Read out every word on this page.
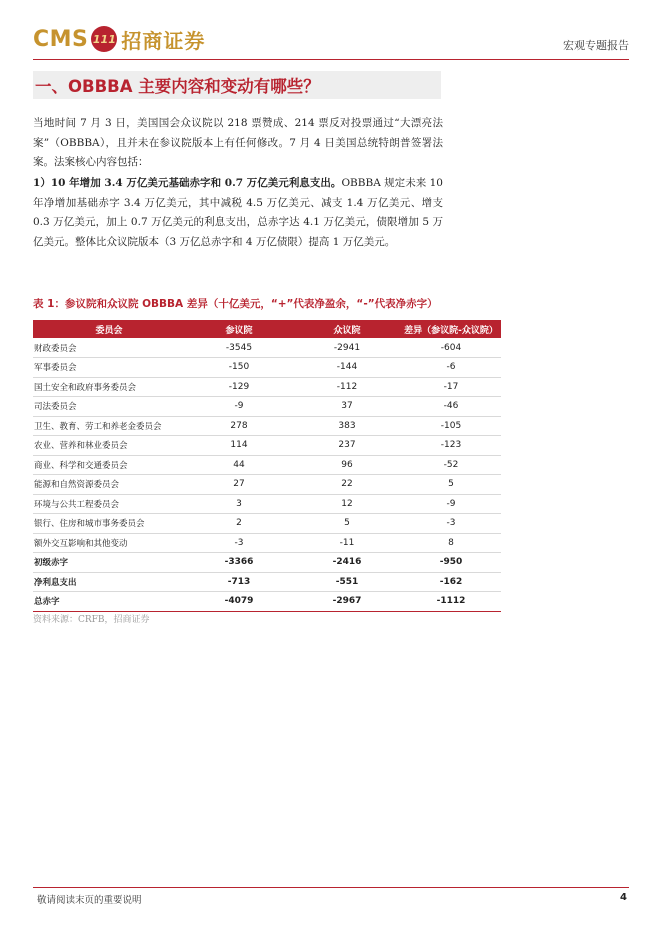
CMS 111 招商证券	宏观专题报告
一、OBBBA 主要内容和变动有哪些？
当地时间 7 月 3 日，美国国会众议院以 218 票赞成、214 票反对投票通过“大漂亮法案”（OBBBA），且并未在参议院版本上有任何修改。7 月 4 日美国总统特朗普签署法案。法案核心内容包括：
1）10 年增加 3.4 万亿美元基础赤字和 0.7 万亿美元利息支出。OBBBA 规定未来 10 年净增加基础赤字 3.4 万亿美元，其中减税 4.5 万亿美元、减支 1.4 万亿美元、增支 0.3 万亿美元，加上 0.7 万亿美元的利息支出，总赤字达 4.1 万亿美元，债限增加 5 万亿美元。整体比众议院版本（3 万亿总赤字和 4 万亿债限）提高 1 万亿美元。
表 1：参议院和众议院 OBBBA 差异（十亿美元，“+”代表净盈余，“-”代表净赤字）
委员会	参议院	众议院	差异（参议院-众议院）
财政委员会	-3545	-2941	-604
军事委员会	-150	-144	-6
国土安全和政府事务委员会	-129	-112	-17
司法委员会	-9	37	-46
卫生、教育、劳工和养老金委员会	278	383	-105
农业、营养和林业委员会	114	237	-123
商业、科学和交通委员会	44	96	-52
能源和自然资源委员会	27	22	5
环境与公共工程委员会	3	12	-9
银行、住房和城市事务委员会	2	5	-3
额外交互影响和其他变动	-3	-11	8
初级赤字	-3366	-2416	-950
净利息支出	-713	-551	-162
总赤字	-4079	-2967	-1112
资料来源：CRFB，招商证券
敬请阅读末页的重要说明	4
